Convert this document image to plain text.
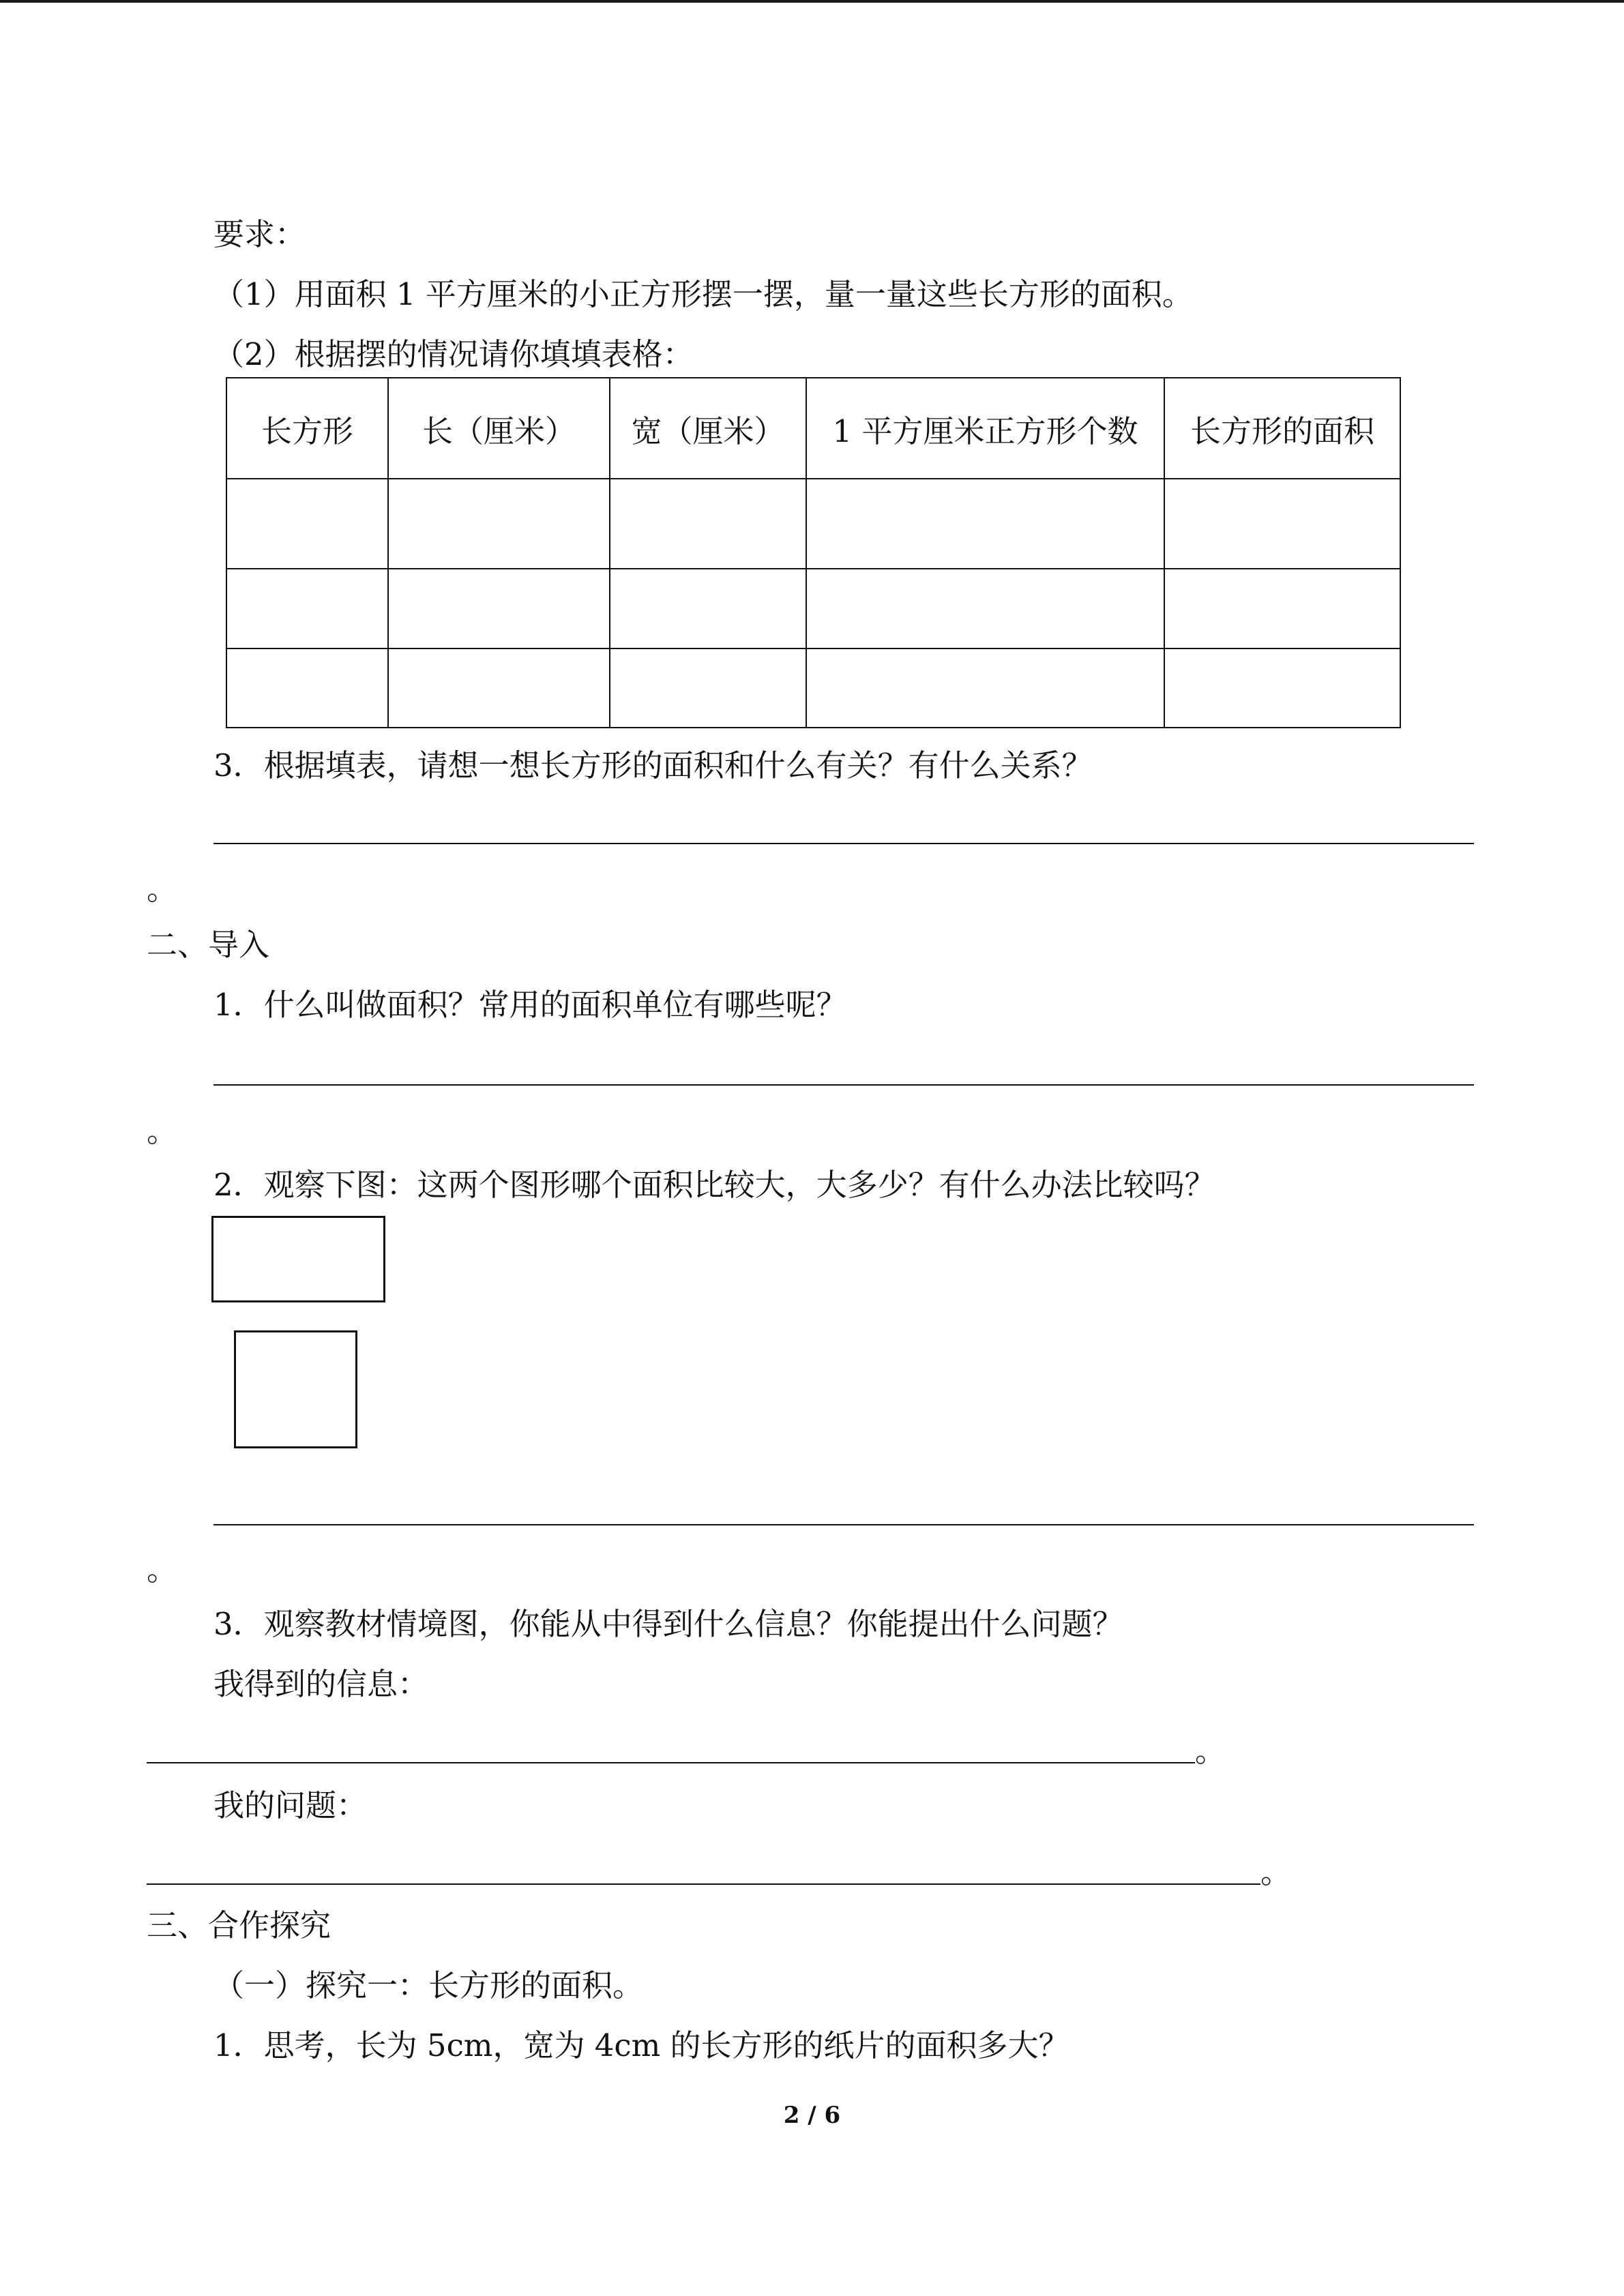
要求：
（1）用面积 1 平方厘米的小正方形摆一摆，量一量这些长方形的面积。
（2）根据摆的情况请你填填表格：
长方形	长（厘米）	宽（厘米）	1 平方厘米正方形个数	长方形的面积

3．根据填表，请想一想长方形的面积和什么有关？有什么关系？
。
二、导入
1．什么叫做面积？常用的面积单位有哪些呢？
。
2．观察下图：这两个图形哪个面积比较大，大多少？有什么办法比较吗？
。
3．观察教材情境图，你能从中得到什么信息？你能提出什么问题？
我得到的信息：
。
我的问题：
。
三、合作探究
（一）探究一：长方形的面积。
1．思考，长为 5cm，宽为 4cm 的长方形的纸片的面积多大？
2 / 6
